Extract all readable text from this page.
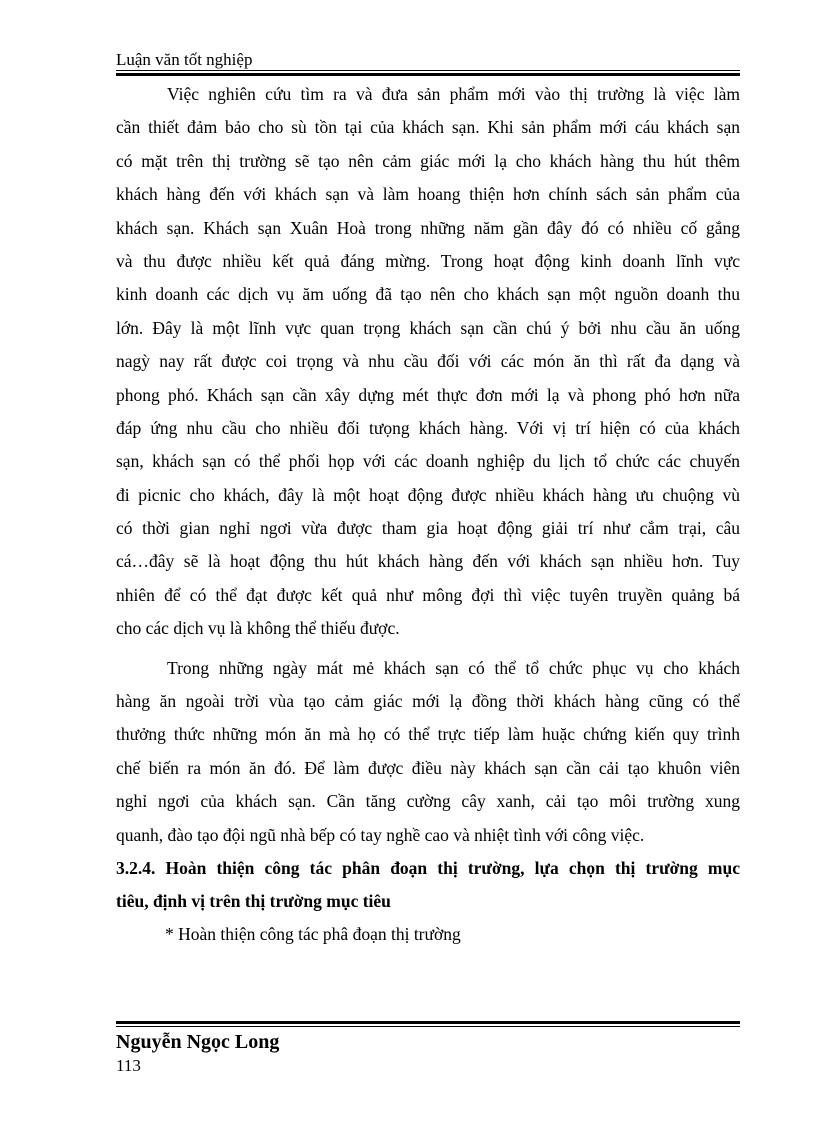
Luận văn tốt nghiệp
Việc nghiên cứu tìm ra và đưa sản phẩm mới vào thị trường là việc làm
cần thiết đảm bảo cho sù tồn tại của khách sạn. Khi sản phẩm mới cáu khách sạn
có mặt trên thị trường sẽ tạo nên cảm giác mới lạ cho khách hàng thu hút thêm
khách hàng đến với khách sạn và làm hoang thiện hơn chính sách sản phẩm của
khách sạn. Khách sạn Xuân Hoà trong những năm gần đây đó có nhiều cố gắng
và thu được nhiều kết quả đáng mừng. Trong hoạt động kinh doanh lĩnh vực
kinh doanh các dịch vụ ăm uống đã tạo nên cho khách sạn một nguồn doanh thu
lớn. Đây là một lĩnh vực quan trọng khách sạn cần chú ý bởi nhu cầu ăn uống
nagỳ nay rất được coi trọng và nhu cầu đối với các món ăn thì rất đa dạng và
phong phó. Khách sạn cần xây dựng mét thực đơn mới lạ và phong phó hơn nữa
đáp ứng nhu cầu cho nhiều đối tưọng khách hàng. Với vị trí hiện có của khách
sạn, khách sạn có thể phối họp với các doanh nghiệp du lịch tổ chức các chuyến
đi picnic cho khách, đây là một hoạt động được nhiều khách hàng ưu chuộng vù
có thời gian nghỉ ngơi vừa được tham gia hoạt động giải trí như cắm trại, câu
cá…đây sẽ là hoạt động thu hút khách hàng đến với khách sạn nhiều hơn. Tuy
nhiên để có thể đạt được kết quả như mông đợi thì việc tuyên truyền quảng bá
cho các dịch vụ là không thể thiếu được.
Trong những ngày mát mẻ khách sạn có thể tổ chức phục vụ cho khách
hàng ăn ngoài trời vùa tạo cảm giác mới lạ đồng thời khách hàng cũng có thể
thưởng thức những món ăn mà họ có thể trực tiếp làm huặc chứng kiến quy trình
chế biến ra món ăn đó. Để làm được điều này khách sạn cần cải tạo khuôn viên
nghỉ ngơi của khách sạn. Cần tăng cường cây xanh, cải tạo môi trường xung
quanh, đào tạo đội ngũ nhà bếp có tay nghề cao và nhiệt tình với công việc.
3.2.4. Hoàn thiện công tác phân đoạn thị trường, lựa chọn thị trường mục
tiêu, định vị trên thị trường mục tiêu
* Hoàn thiện công tác phâ đoạn thị trường
Nguyễn Ngọc Long
113
